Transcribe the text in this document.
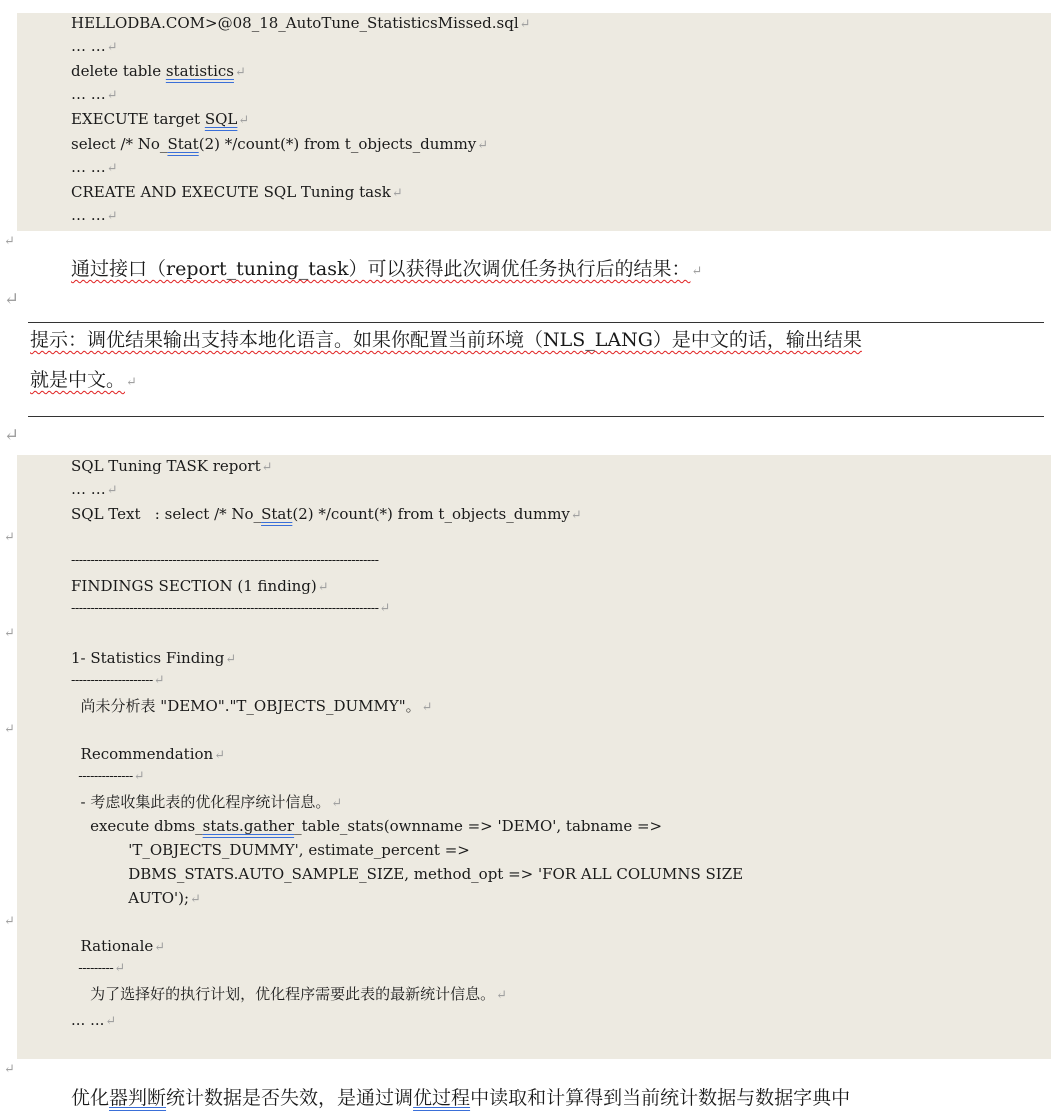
HELLODBA.COM>@08_18_AutoTune_StatisticsMissed.sql↵
… …↵
delete table statistics↵
… …↵
EXECUTE target SQL↵
select /* No_Stat(2) */count(*) from t_objects_dummy↵
… …↵
CREATE AND EXECUTE SQL Tuning task↵
… …↵
↵
通过接口（report_tuning_task）可以获得此次调优任务执行后的结果：↵
↵
提示：调优结果输出支持本地化语言。如果你配置当前环境（NLS_LANG）是中文的话，输出结果
就是中文。↵
↵
SQL Tuning TASK report↵
… …↵
SQL Text   : select /* No_Stat(2) */count(*) from t_objects_dummy↵
↵
-------------------------------------------------------------------------------
FINDINGS SECTION (1 finding)↵
-------------------------------------------------------------------------------↵
↵
1- Statistics Finding↵
---------------------↵
尚未分析表 "DEMO"."T_OBJECTS_DUMMY"。↵
↵
Recommendation↵
--------------↵
- 考虑收集此表的优化程序统计信息。↵
execute dbms_stats.gather_table_stats(ownname => 'DEMO', tabname =>
'T_OBJECTS_DUMMY', estimate_percent =>
DBMS_STATS.AUTO_SAMPLE_SIZE, method_opt => 'FOR ALL COLUMNS SIZE
AUTO');↵
↵
Rationale↵
---------↵
为了选择好的执行计划，优化程序需要此表的最新统计信息。↵
... ...↵
↵
优化器判断统计数据是否失效，是通过调优过程中读取和计算得到当前统计数据与数据字典中
